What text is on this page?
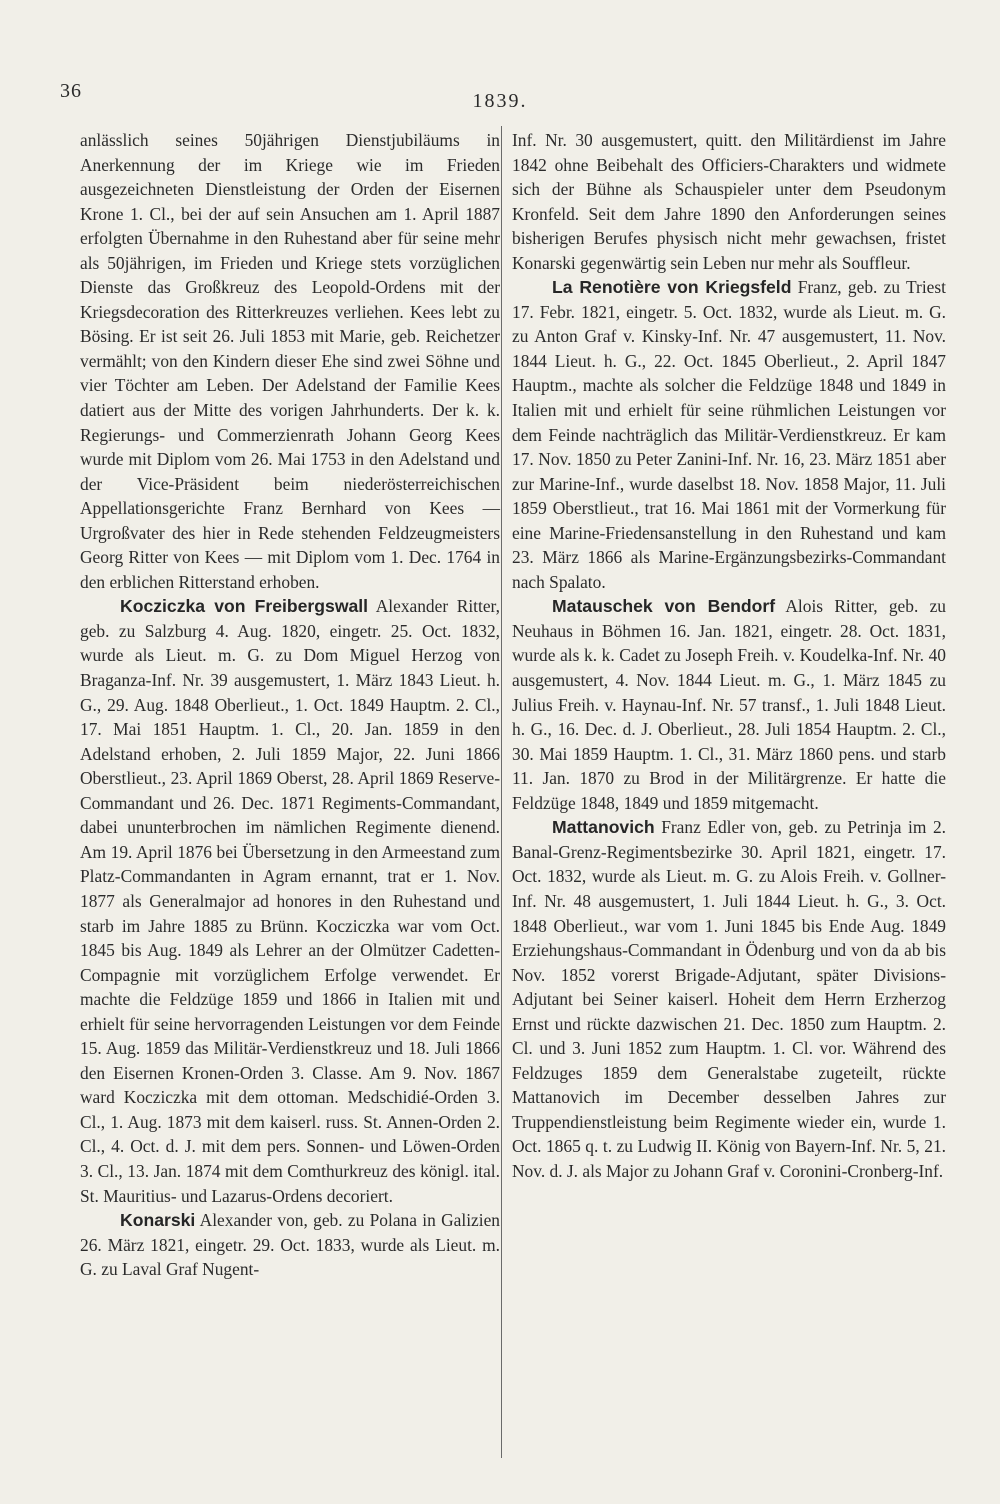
36	1839.

anlässlich seines 50jährigen Dienstjubiläums in Anerkennung der im Kriege wie im Frieden ausgezeichneten Dienstleistung der Orden der Eisernen Krone 1. Cl., bei der auf sein Ansuchen am 1. April 1887 erfolgten Übernahme in den Ruhestand aber für seine mehr als 50jährigen, im Frieden und Kriege stets vorzüglichen Dienste das Großkreuz des Leopold-Ordens mit der Kriegsdecoration des Ritterkreuzes verliehen. Kees lebt zu Bösing. Er ist seit 26. Juli 1853 mit Marie, geb. Reichetzer vermählt; von den Kindern dieser Ehe sind zwei Söhne und vier Töchter am Leben. Der Adelstand der Familie Kees datiert aus der Mitte des vorigen Jahrhunderts. Der k. k. Regierungs- und Commerzienrath Johann Georg Kees wurde mit Diplom vom 26. Mai 1753 in den Adelstand und der Vice-Präsident beim niederösterreichischen Appellationsgerichte Franz Bernhard von Kees — Urgroßvater des hier in Rede stehenden Feldzeugmeisters Georg Ritter von Kees — mit Diplom vom 1. Dec. 1764 in den erblichen Ritterstand erhoben.

Kocziczka von Freibergswall Alexander Ritter, geb. zu Salzburg 4. Aug. 1820, eingetr. 25. Oct. 1832, wurde als Lieut. m. G. zu Dom Miguel Herzog von Braganza-Inf. Nr. 39 ausgemustert, 1. März 1843 Lieut. h. G., 29. Aug. 1848 Oberlieut., 1. Oct. 1849 Hauptm. 2. Cl., 17. Mai 1851 Hauptm. 1. Cl., 20. Jan. 1859 in den Adelstand erhoben, 2. Juli 1859 Major, 22. Juni 1866 Oberstlieut., 23. April 1869 Oberst, 28. April 1869 Reserve-Commandant und 26. Dec. 1871 Regiments-Commandant, dabei ununterbrochen im nämlichen Regimente dienend. Am 19. April 1876 bei Übersetzung in den Armeestand zum Platz-Commandanten in Agram ernannt, trat er 1. Nov. 1877 als Generalmajor ad honores in den Ruhestand und starb im Jahre 1885 zu Brünn. Kocziczka war vom Oct. 1845 bis Aug. 1849 als Lehrer an der Olmützer Cadetten-Compagnie mit vorzüglichem Erfolge verwendet. Er machte die Feldzüge 1859 und 1866 in Italien mit und erhielt für seine hervorragenden Leistungen vor dem Feinde 15. Aug. 1859 das Militär-Verdienstkreuz und 18. Juli 1866 den Eisernen Kronen-Orden 3. Classe. Am 9. Nov. 1867 ward Kocziczka mit dem ottoman. Medschidié-Orden 3. Cl., 1. Aug. 1873 mit dem kaiserl. russ. St. Annen-Orden 2. Cl., 4. Oct. d. J. mit dem pers. Sonnen- und Löwen-Orden 3. Cl., 13. Jan. 1874 mit dem Comthurkreuz des königl. ital. St. Mauritius- und Lazarus-Ordens decoriert.

Konarski Alexander von, geb. zu Polana in Galizien 26. März 1821, eingetr. 29. Oct. 1833, wurde als Lieut. m. G. zu Laval Graf Nugent-

Inf. Nr. 30 ausgemustert, quitt. den Militärdienst im Jahre 1842 ohne Beibehalt des Officiers-Charakters und widmete sich der Bühne als Schauspieler unter dem Pseudonym Kronfeld. Seit dem Jahre 1890 den Anforderungen seines bisherigen Berufes physisch nicht mehr gewachsen, fristet Konarski gegenwärtig sein Leben nur mehr als Souffleur.

La Renotière von Kriegsfeld Franz, geb. zu Triest 17. Febr. 1821, eingetr. 5. Oct. 1832, wurde als Lieut. m. G. zu Anton Graf v. Kinsky-Inf. Nr. 47 ausgemustert, 11. Nov. 1844 Lieut. h. G., 22. Oct. 1845 Oberlieut., 2. April 1847 Hauptm., machte als solcher die Feldzüge 1848 und 1849 in Italien mit und erhielt für seine rühmlichen Leistungen vor dem Feinde nachträglich das Militär-Verdienstkreuz. Er kam 17. Nov. 1850 zu Peter Zanini-Inf. Nr. 16, 23. März 1851 aber zur Marine-Inf., wurde daselbst 18. Nov. 1858 Major, 11. Juli 1859 Oberstlieut., trat 16. Mai 1861 mit der Vormerkung für eine Marine-Friedensanstellung in den Ruhestand und kam 23. März 1866 als Marine-Ergänzungsbezirks-Commandant nach Spalato.

Matauschek von Bendorf Alois Ritter, geb. zu Neuhaus in Böhmen 16. Jan. 1821, eingetr. 28. Oct. 1831, wurde als k. k. Cadet zu Joseph Freih. v. Koudelka-Inf. Nr. 40 ausgemustert, 4. Nov. 1844 Lieut. m. G., 1. März 1845 zu Julius Freih. v. Haynau-Inf. Nr. 57 transf., 1. Juli 1848 Lieut. h. G., 16. Dec. d. J. Oberlieut., 28. Juli 1854 Hauptm. 2. Cl., 30. Mai 1859 Hauptm. 1. Cl., 31. März 1860 pens. und starb 11. Jan. 1870 zu Brod in der Militärgrenze. Er hatte die Feldzüge 1848, 1849 und 1859 mitgemacht.

Mattanovich Franz Edler von, geb. zu Petrinja im 2. Banal-Grenz-Regimentsbezirke 30. April 1821, eingetr. 17. Oct. 1832, wurde als Lieut. m. G. zu Alois Freih. v. Gollner-Inf. Nr. 48 ausgemustert, 1. Juli 1844 Lieut. h. G., 3. Oct. 1848 Oberlieut., war vom 1. Juni 1845 bis Ende Aug. 1849 Erziehungshaus-Commandant in Ödenburg und von da ab bis Nov. 1852 vorerst Brigade-Adjutant, später Divisions-Adjutant bei Seiner kaiserl. Hoheit dem Herrn Erzherzog Ernst und rückte dazwischen 21. Dec. 1850 zum Hauptm. 2. Cl. und 3. Juni 1852 zum Hauptm. 1. Cl. vor. Während des Feldzuges 1859 dem Generalstabe zugeteilt, rückte Mattanovich im December desselben Jahres zur Truppendienstleistung beim Regimente wieder ein, wurde 1. Oct. 1865 q. t. zu Ludwig II. König von Bayern-Inf. Nr. 5, 21. Nov. d. J. als Major zu Johann Graf v. Coronini-Cronberg-Inf.
